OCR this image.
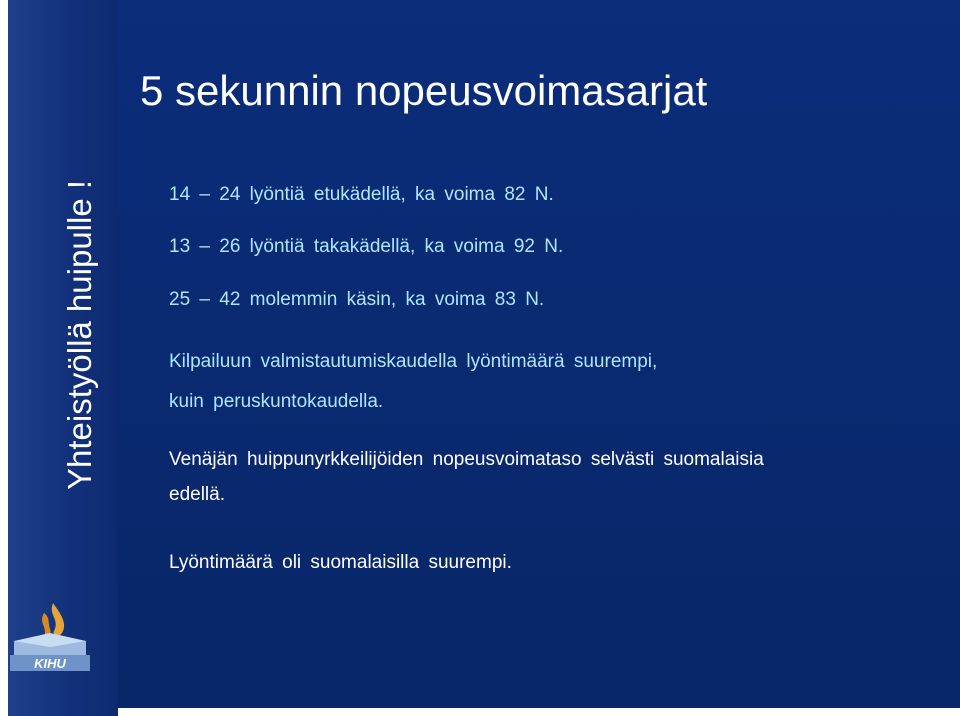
Yhteistyöllä huipulle !
KIHU
5 sekunnin nopeusvoimasarjat
14 – 24 lyöntiä etukädellä, ka voima 82 N.
13 – 26 lyöntiä takakädellä, ka voima 92 N.
25 – 42 molemmin käsin, ka voima 83 N.
Kilpailuun valmistautumiskaudella lyöntimäärä suurempi,
kuin peruskuntokaudella.
Venäjän huippunyrkkeilijöiden nopeusvoimataso selvästi suomalaisia
edellä.
Lyöntimäärä oli suomalaisilla suurempi.
